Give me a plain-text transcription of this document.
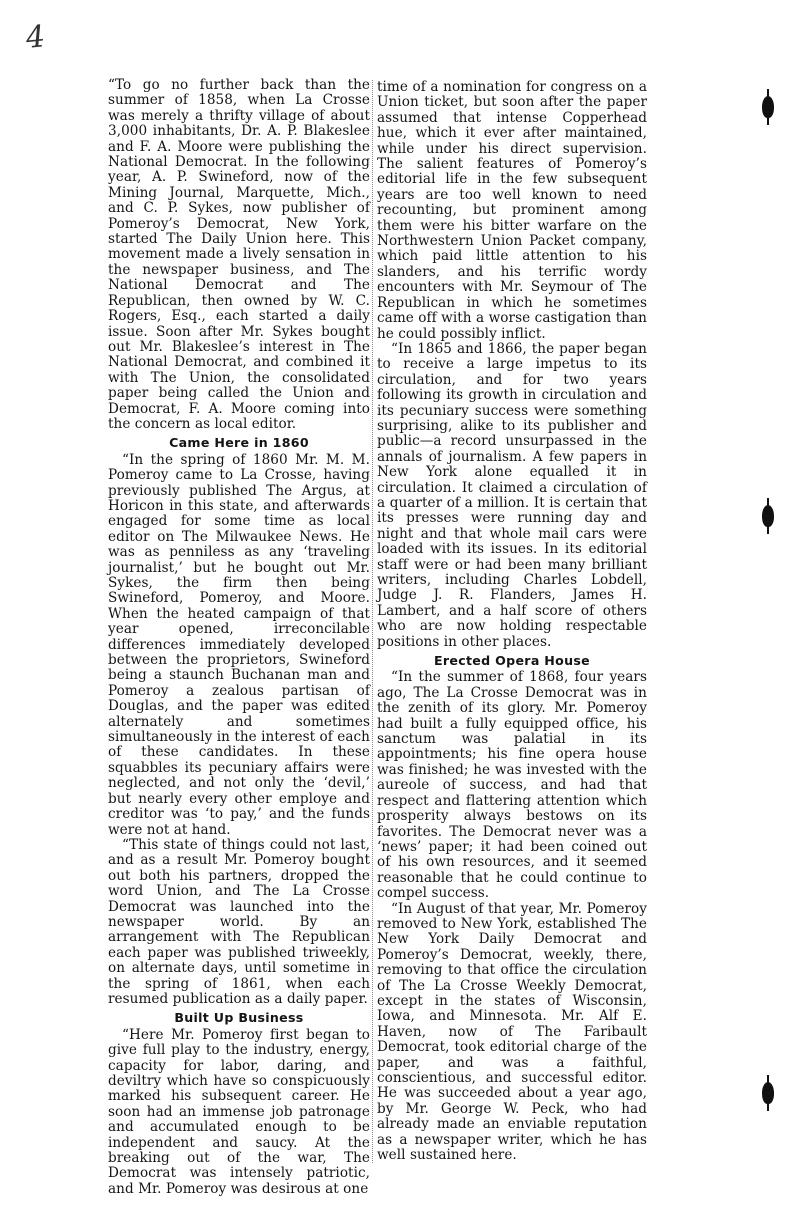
4

“To go no further back than the summer of 1858, when La Crosse was merely a thrifty village of about 3,000 inhabitants, Dr. A. P. Blakeslee and F. A. Moore were publishing the National Democrat. In the following year, A. P. Swineford, now of the Mining Journal, Marquette, Mich., and C. P. Sykes, now publisher of Pomeroy’s Democrat, New York, started The Daily Union here. This movement made a lively sensation in the newspaper business, and The National Democrat and The Republican, then owned by W. C. Rogers, Esq., each started a daily issue. Soon after Mr. Sykes bought out Mr. Blakeslee’s interest in The National Democrat, and combined it with The Union, the consolidated paper being called the Union and Democrat, F. A. Moore coming into the concern as local editor.

Came Here in 1860

“In the spring of 1860 Mr. M. M. Pomeroy came to La Crosse, having previously published The Argus, at Horicon in this state, and afterwards engaged for some time as local editor on The Milwaukee News. He was as penniless as any ‘traveling journalist,’ but he bought out Mr. Sykes, the firm then being Swineford, Pomeroy, and Moore. When the heated campaign of that year opened, irreconcilable differences immediately developed between the proprietors, Swineford being a staunch Buchanan man and Pomeroy a zealous partisan of Douglas, and the paper was edited alternately and sometimes simultaneously in the interest of each of these candidates. In these squabbles its pecuniary affairs were neglected, and not only the ‘devil,’ but nearly every other employe and creditor was ‘to pay,’ and the funds were not at hand.

“This state of things could not last, and as a result Mr. Pomeroy bought out both his partners, dropped the word Union, and The La Crosse Democrat was launched into the newspaper world. By an arrangement with The Republican each paper was published triweekly, on alternate days, until sometime in the spring of 1861, when each resumed publication as a daily paper.

Built Up Business

“Here Mr. Pomeroy first began to give full play to the industry, energy, capacity for labor, daring, and deviltry which have so conspicuously marked his subsequent career. He soon had an immense job patronage and accumulated enough to be independent and saucy. At the breaking out of the war, The Democrat was intensely patriotic, and Mr. Pomeroy was desirous at one

time of a nomination for congress on a Union ticket, but soon after the paper assumed that intense Copperhead hue, which it ever after maintained, while under his direct supervision. The salient features of Pomeroy’s editorial life in the few subsequent years are too well known to need recounting, but prominent among them were his bitter warfare on the Northwestern Union Packet company, which paid little attention to his slanders, and his terrific wordy encounters with Mr. Seymour of The Republican in which he sometimes came off with a worse castigation than he could possibly inflict.

“In 1865 and 1866, the paper began to receive a large impetus to its circulation, and for two years following its growth in circulation and its pecuniary success were something surprising, alike to its publisher and public—a record unsurpassed in the annals of journalism. A few papers in New York alone equalled it in circulation. It claimed a circulation of a quarter of a million. It is certain that its presses were running day and night and that whole mail cars were loaded with its issues. In its editorial staff were or had been many brilliant writers, including Charles Lobdell, Judge J. R. Flanders, James H. Lambert, and a half score of others who are now holding respectable positions in other places.

Erected Opera House

“In the summer of 1868, four years ago, The La Crosse Democrat was in the zenith of its glory. Mr. Pomeroy had built a fully equipped office, his sanctum was palatial in its appointments; his fine opera house was finished; he was invested with the aureole of success, and had that respect and flattering attention which prosperity always bestows on its favorites. The Democrat never was a ‘news’ paper; it had been coined out of his own resources, and it seemed reasonable that he could continue to compel success.

“In August of that year, Mr. Pomeroy removed to New York, established The New York Daily Democrat and Pomeroy’s Democrat, weekly, there, removing to that office the circulation of The La Crosse Weekly Democrat, except in the states of Wisconsin, Iowa, and Minnesota. Mr. Alf E. Haven, now of The Faribault Democrat, took editorial charge of the paper, and was a faithful, conscientious, and successful editor. He was succeeded about a year ago, by Mr. George W. Peck, who had already made an enviable reputation as a newspaper writer, which he has well sustained here.
